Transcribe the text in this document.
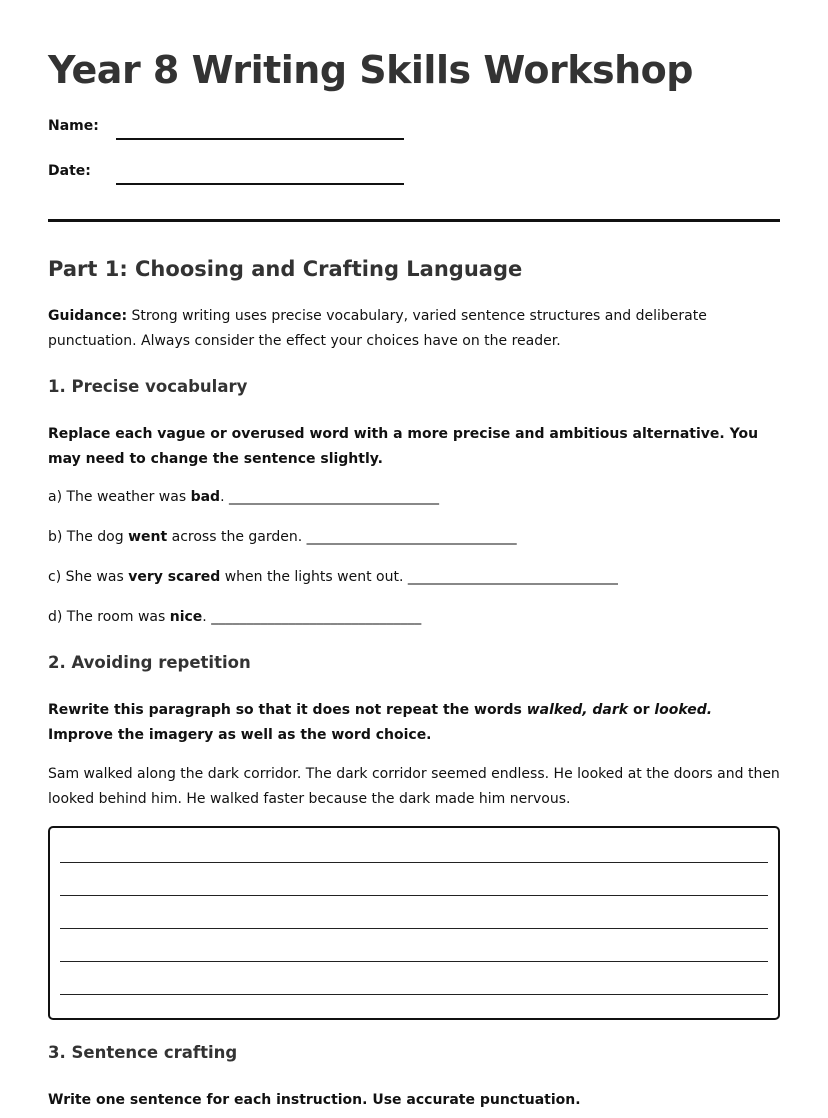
Year 8 Writing Skills Workshop
Name:
Date:
Part 1: Choosing and Crafting Language

Guidance: Strong writing uses precise vocabulary, varied sentence structures and deliberate punctuation. Always consider the effect your choices have on the reader.

1. Precise vocabulary

Replace each vague or overused word with a more precise and ambitious alternative. You may need to change the sentence slightly.

a) The weather was bad. ______________________________
b) The dog went across the garden. ______________________________
c) She was very scared when the lights went out. ______________________________
d) The room was nice. ______________________________
2. Avoiding repetition

Rewrite this paragraph so that it does not repeat the words walked, dark or looked. Improve the imagery as well as the word choice.

Sam walked along the dark corridor. The dark corridor seemed endless. He looked at the doors and then looked behind him. He walked faster because the dark made him nervous.

3. Sentence crafting

Write one sentence for each instruction. Use accurate punctuation.
